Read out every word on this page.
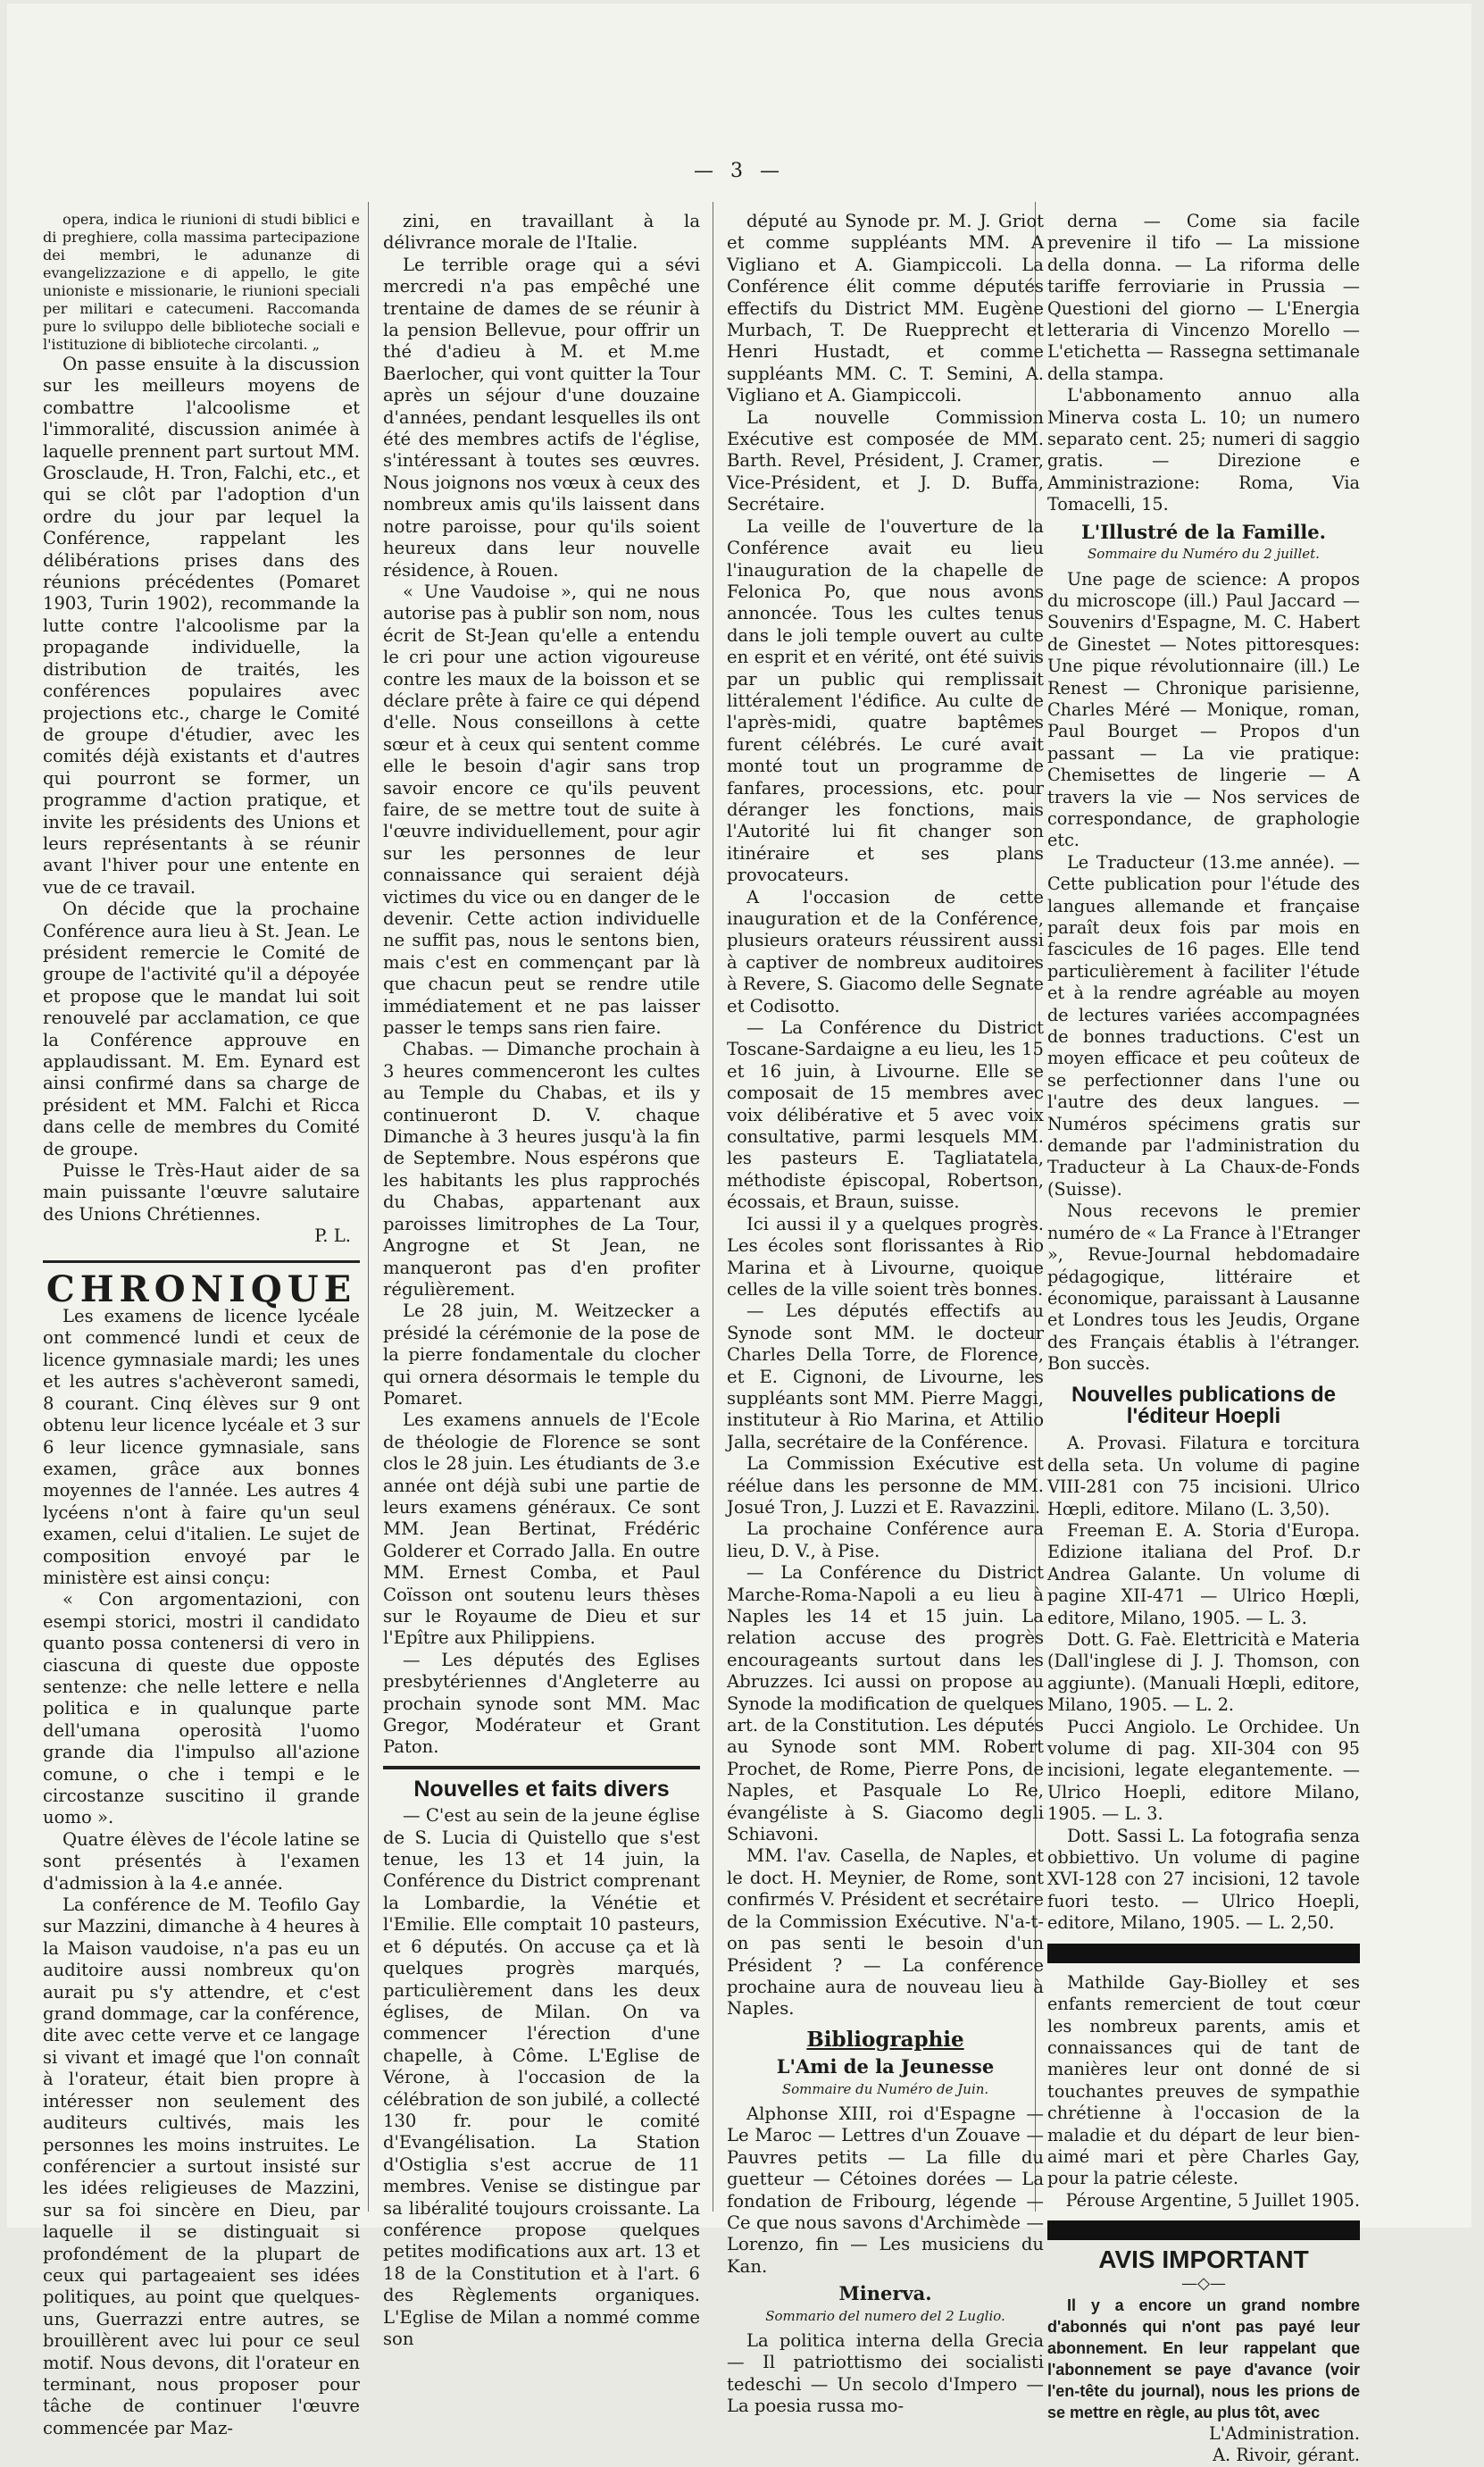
— 3 —

opera, indica le riunioni di studi biblici e di preghiere, colla massima partecipazione dei membri, le adunanze di evangelizzazione e di appello, le gite unioniste e missionarie, le riunioni speciali per militari e catecumeni. Raccomanda pure lo sviluppo delle biblioteche sociali e l'istituzione di biblioteche circolanti. „

On passe ensuite à la discussion sur les meilleurs moyens de combattre l'alcoolisme et l'immoralité, discussion animée à laquelle prennent part surtout MM. Grosclaude, H. Tron, Falchi, etc., et qui se clôt par l'adoption d'un ordre du jour par lequel la Conférence, rappelant les délibérations prises dans des réunions précédentes (Pomaret 1903, Turin 1902), recommande la lutte contre l'alcoolisme par la propagande individuelle, la distribution de traités, les conférences populaires avec projections etc., charge le Comité de groupe d'étudier, avec les comités déjà existants et d'autres qui pourront se former, un programme d'action pratique, et invite les présidents des Unions et leurs représentants à se réunir avant l'hiver pour une entente en vue de ce travail.

On décide que la prochaine Conférence aura lieu à St. Jean. Le président remercie le Comité de groupe de l'activité qu'il a dépoyée et propose que le mandat lui soit renouvelé par acclamation, ce que la Conférence approuve en applaudissant. M. Em. Eynard est ainsi confirmé dans sa charge de président et MM. Falchi et Ricca dans celle de membres du Comité de groupe.

Puisse le Très-Haut aider de sa main puissante l'œuvre salutaire des Unions Chrétiennes.

P. L.

CHRONIQUE

Les examens de licence lycéale ont commencé lundi et ceux de licence gymnasiale mardi; les unes et les autres s'achèveront samedi, 8 courant. Cinq élèves sur 9 ont obtenu leur licence lycéale et 3 sur 6 leur licence gymnasiale, sans examen, grâce aux bonnes moyennes de l'année. Les autres 4 lycéens n'ont à faire qu'un seul examen, celui d'italien. Le sujet de composition envoyé par le ministère est ainsi conçu:

« Con argomentazioni, con esempi storici, mostri il candidato quanto possa contenersi di vero in ciascuna di queste due opposte sentenze: che nelle lettere e nella politica e in qualunque parte dell'umana operosità l'uomo grande dia l'impulso all'azione comune, o che i tempi e le circostanze suscitino il grande uomo ».

Quatre élèves de l'école latine se sont présentés à l'examen d'admission à la 4.e année.

La conférence de M. Teofilo Gay sur Mazzini, dimanche à 4 heures à la Maison vaudoise, n'a pas eu un auditoire aussi nombreux qu'on aurait pu s'y attendre, et c'est grand dommage, car la conférence, dite avec cette verve et ce langage si vivant et imagé que l'on connaît à l'orateur, était bien propre à intéresser non seulement des auditeurs cultivés, mais les personnes les moins instruites. Le conférencier a surtout insisté sur les idées religieuses de Mazzini, sur sa foi sincère en Dieu, par laquelle il se distinguait si profondément de la plupart de ceux qui partageaient ses idées politiques, au point que quelques-uns, Guerrazzi entre autres, se brouillèrent avec lui pour ce seul motif. Nous devons, dit l'orateur en terminant, nous proposer pour tâche de continuer l'œuvre commencée par Maz-

zini, en travaillant à la délivrance morale de l'Italie.

Le terrible orage qui a sévi mercredi n'a pas empêché une trentaine de dames de se réunir à la pension Bellevue, pour offrir un thé d'adieu à M. et M.me Baerlocher, qui vont quitter la Tour après un séjour d'une douzaine d'années, pendant lesquelles ils ont été des membres actifs de l'église, s'intéressant à toutes ses œuvres. Nous joignons nos vœux à ceux des nombreux amis qu'ils laissent dans notre paroisse, pour qu'ils soient heureux dans leur nouvelle résidence, à Rouen.

« Une Vaudoise », qui ne nous autorise pas à publir son nom, nous écrit de St-Jean qu'elle a entendu le cri pour une action vigoureuse contre les maux de la boisson et se déclare prête à faire ce qui dépend d'elle. Nous conseillons à cette sœur et à ceux qui sentent comme elle le besoin d'agir sans trop savoir encore ce qu'ils peuvent faire, de se mettre tout de suite à l'œuvre individuellement, pour agir sur les personnes de leur connaissance qui seraient déjà victimes du vice ou en danger de le devenir. Cette action individuelle ne suffit pas, nous le sentons bien, mais c'est en commençant par là que chacun peut se rendre utile immédiatement et ne pas laisser passer le temps sans rien faire.

Chabas. — Dimanche prochain à 3 heures commenceront les cultes au Temple du Chabas, et ils y continueront D. V. chaque Dimanche à 3 heures jusqu'à la fin de Septembre. Nous espérons que les habitants les plus rapprochés du Chabas, appartenant aux paroisses limitrophes de La Tour, Angrogne et St Jean, ne manqueront pas d'en profiter régulièrement.

Le 28 juin, M. Weitzecker a présidé la cérémonie de la pose de la pierre fondamentale du clocher qui ornera désormais le temple du Pomaret.

Les examens annuels de l'Ecole de théologie de Florence se sont clos le 28 juin. Les étudiants de 3.e année ont déjà subi une partie de leurs examens généraux. Ce sont MM. Jean Bertinat, Frédéric Golderer et Corrado Jalla. En outre MM. Ernest Comba, et Paul Coïsson ont soutenu leurs thèses sur le Royaume de Dieu et sur l'Epître aux Philippiens.

— Les députés des Eglises presbytériennes d'Angleterre au prochain synode sont MM. Mac Gregor, Modérateur et Grant Paton.

Nouvelles et faits divers

— C'est au sein de la jeune église de S. Lucia di Quistello que s'est tenue, les 13 et 14 juin, la Conférence du District comprenant la Lombardie, la Vénétie et l'Emilie. Elle comptait 10 pasteurs, et 6 députés. On accuse ça et là quelques progrès marqués, particulièrement dans les deux églises, de Milan. On va commencer l'érection d'une chapelle, à Côme. L'Eglise de Vérone, à l'occasion de la célébration de son jubilé, a collecté 130 fr. pour le comité d'Evangélisation. La Station d'Ostiglia s'est accrue de 11 membres. Venise se distingue par sa libéralité toujours croissante. La conférence propose quelques petites modifications aux art. 13 et 18 de la Constitution et à l'art. 6 des Règlements organiques. L'Eglise de Milan a nommé comme son

député au Synode pr. M. J. Griot et comme suppléants MM. A Vigliano et A. Giampiccoli. La Conférence élit comme députés effectifs du District MM. Eugène Murbach, T. De Ruepprecht et Henri Hustadt, et comme suppléants MM. C. T. Semini, A. Vigliano et A. Giampiccoli.

La nouvelle Commission Exécutive est composée de MM. Barth. Revel, Président, J. Cramer, Vice-Président, et J. D. Buffa, Secrétaire.

La veille de l'ouverture de la Conférence avait eu lieu l'inauguration de la chapelle de Felonica Po, que nous avons annoncée. Tous les cultes tenus dans le joli temple ouvert au culte en esprit et en vérité, ont été suivis par un public qui remplissait littéralement l'édifice. Au culte de l'après-midi, quatre baptêmes furent célébrés. Le curé avait monté tout un programme de fanfares, processions, etc. pour déranger les fonctions, mais l'Autorité lui fit changer son itinéraire et ses plans provocateurs.

A l'occasion de cette inauguration et de la Conférence, plusieurs orateurs réussirent aussi à captiver de nombreux auditoires à Revere, S. Giacomo delle Segnate et Codisotto.

— La Conférence du District Toscane-Sardaigne a eu lieu, les 15 et 16 juin, à Livourne. Elle se composait de 15 membres avec voix délibérative et 5 avec voix consultative, parmi lesquels MM. les pasteurs E. Tagliatatela, méthodiste épiscopal, Robertson, écossais, et Braun, suisse.

Ici aussi il y a quelques progrès. Les écoles sont florissantes à Rio Marina et à Livourne, quoique celles de la ville soient très bonnes.

— Les députés effectifs au Synode sont MM. le docteur Charles Della Torre, de Florence, et E. Cignoni, de Livourne, les suppléants sont MM. Pierre Maggi, instituteur à Rio Marina, et Attilio Jalla, secrétaire de la Conférence.

La Commission Exécutive est réélue dans les personne de MM. Josué Tron, J. Luzzi et E. Ravazzini.

La prochaine Conférence aura lieu, D. V., à Pise.

— La Conférence du District Marche-Roma-Napoli a eu lieu à Naples les 14 et 15 juin. La relation accuse des progrès encourageants surtout dans les Abruzzes. Ici aussi on propose au Synode la modification de quelques art. de la Constitution. Les députés au Synode sont MM. Robert Prochet, de Rome, Pierre Pons, de Naples, et Pasquale Lo Re, évangéliste à S. Giacomo degli Schiavoni.

MM. l'av. Casella, de Naples, et le doct. H. Meynier, de Rome, sont confirmés V. Président et secrétaire de la Commission Exécutive. N'a-t-on pas senti le besoin d'un Président ? — La conférence prochaine aura de nouveau lieu à Naples.

Bibliographie
L'Ami de la Jeunesse
Sommaire du Numéro de Juin.

Alphonse XIII, roi d'Espagne — Le Maroc — Lettres d'un Zouave — Pauvres petits — La fille du guetteur — Cétoines dorées — La fondation de Fribourg, légende — Ce que nous savons d'Archimède — Lorenzo, fin — Les musiciens du Kan.

Minerva.
Sommario del numero del 2 Luglio.

La politica interna della Grecia — Il patriottismo dei socialisti tedeschi — Un secolo d'Impero — La poesia russa mo-

derna — Come sia facile prevenire il tifo — La missione della donna. — La riforma delle tariffe ferroviarie in Prussia — Questioni del giorno — L'Energia letteraria di Vincenzo Morello — L'etichetta — Rassegna settimanale della stampa.

L'abbonamento annuo alla Minerva costa L. 10; un numero separato cent. 25; numeri di saggio gratis. — Direzione e Amministrazione: Roma, Via Tomacelli, 15.

L'Illustré de la Famille.
Sommaire du Numéro du 2 juillet.

Une page de science: A propos du microscope (ill.) Paul Jaccard — Souvenirs d'Espagne, M. C. Habert de Ginestet — Notes pittoresques: Une pique révolutionnaire (ill.) Le Renest — Chronique parisienne, Charles Méré — Monique, roman, Paul Bourget — Propos d'un passant — La vie pratique: Chemisettes de lingerie — A travers la vie — Nos services de correspondance, de graphologie etc.

Le Traducteur (13.me année). — Cette publication pour l'étude des langues allemande et française paraît deux fois par mois en fascicules de 16 pages. Elle tend particulièrement à faciliter l'étude et à la rendre agréable au moyen de lectures variées accompagnées de bonnes traductions. C'est un moyen efficace et peu coûteux de se perfectionner dans l'une ou l'autre des deux langues. — Numéros spécimens gratis sur demande par l'administration du Traducteur à La Chaux-de-Fonds (Suisse).

Nous recevons le premier numéro de « La France à l'Etranger », Revue-Journal hebdomadaire pédagogique, littéraire et économique, paraissant à Lausanne et Londres tous les Jeudis, Organe des Français établis à l'étranger. Bon succès.

Nouvelles publications de l'éditeur Hoepli

A. Provasi. Filatura e torcitura della seta. Un volume di pagine VIII-281 con 75 incisioni. Ulrico Hœpli, editore. Milano (L. 3,50).

Freeman E. A. Storia d'Europa. Edizione italiana del Prof. D.r Andrea Galante. Un volume di pagine XII-471 — Ulrico Hœpli, editore, Milano, 1905. — L. 3.

Dott. G. Faè. Elettricità e Materia (Dall'inglese di J. J. Thomson, con aggiunte). (Manuali Hœpli, editore, Milano, 1905. — L. 2.

Pucci Angiolo. Le Orchidee. Un volume di pag. XII-304 con 95 incisioni, legate elegantemente. — Ulrico Hoepli, editore Milano, 1905. — L. 3.

Dott. Sassi L. La fotografia senza obbiettivo. Un volume di pagine XVI-128 con 27 incisioni, 12 tavole fuori testo. — Ulrico Hoepli, editore, Milano, 1905. — L. 2,50.

Mathilde Gay-Biolley et ses enfants remercient de tout cœur les nombreux parents, amis et connaissances qui de tant de manières leur ont donné de si touchantes preuves de sympathie chrétienne à l'occasion de la maladie et du départ de leur bien-aimé mari et père Charles Gay, pour la patrie céleste.

Pérouse Argentine, 5 Juillet 1905.

AVIS IMPORTANT
—◇—

Il y a encore un grand nombre d'abonnés qui n'ont pas payé leur abonnement. En leur rappelant que l'abonnement se paye d'avance (voir l'en-tête du journal), nous les prions de se mettre en règle, au plus tôt, avec

L'Administration.

A. Rivoir, gérant.
